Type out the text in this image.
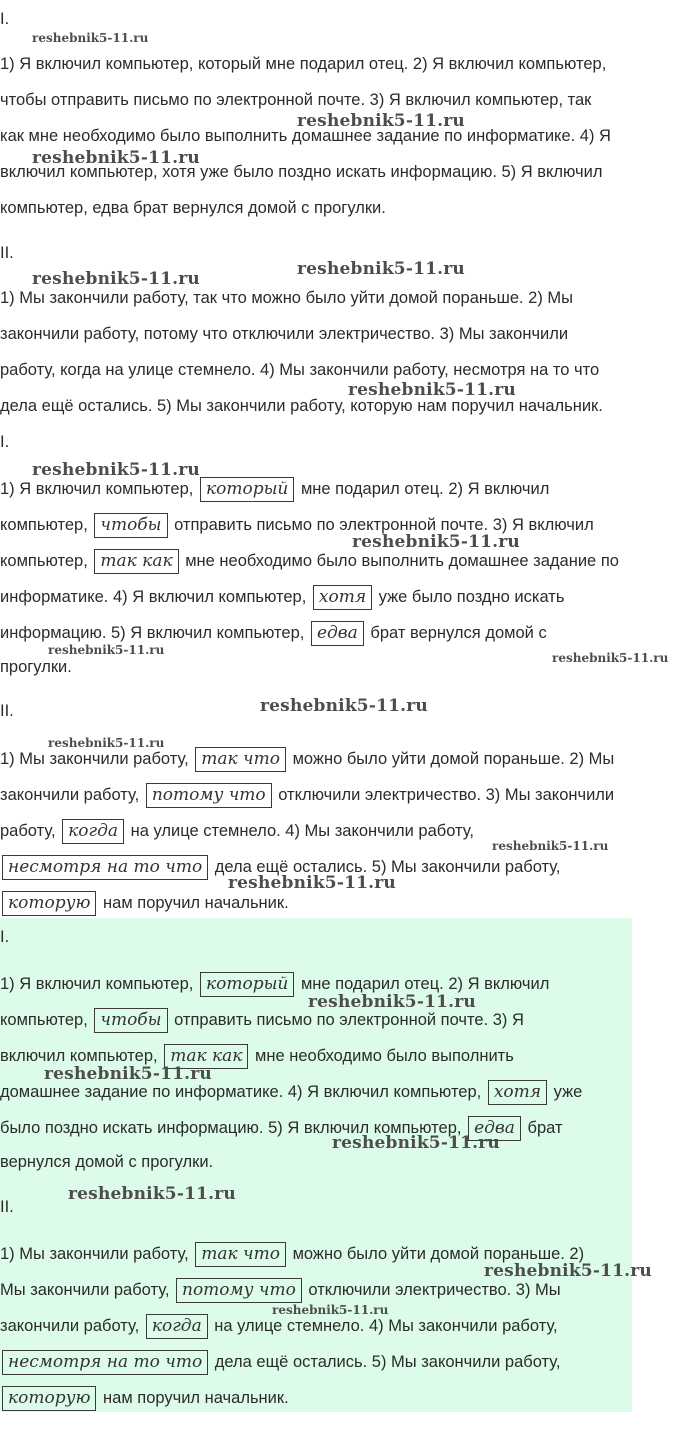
I.
1) Я включил компьютер, который мне подарил отец. 2) Я включил компьютер,
чтобы отправить письмо по электронной почте. 3) Я включил компьютер, так
как мне необходимо было выполнить домашнее задание по информатике. 4) Я
включил компьютер, хотя уже было поздно искать информацию. 5) Я включил
компьютер, едва брат вернулся домой с прогулки.
II.
1) Мы закончили работу, так что можно было уйти домой пораньше. 2) Мы
закончили работу, потому что отключили электричество. 3) Мы закончили
работу, когда на улице стемнело. 4) Мы закончили работу, несмотря на то что
дела ещё остались. 5) Мы закончили работу, которую нам поручил начальник.
I.
1) Я включил компьютер, который мне подарил отец. 2) Я включил
компьютер, чтобы отправить письмо по электронной почте. 3) Я включил
компьютер, так как мне необходимо было выполнить домашнее задание по
информатике. 4) Я включил компьютер, хотя уже было поздно искать
информацию. 5) Я включил компьютер, едва брат вернулся домой с
прогулки.
II.
1) Мы закончили работу, так что можно было уйти домой пораньше. 2) Мы
закончили работу, потому что отключили электричество. 3) Мы закончили
работу, когда на улице стемнело. 4) Мы закончили работу,
несмотря на то что дела ещё остались. 5) Мы закончили работу,
которую нам поручил начальник.
I.
1) Я включил компьютер, который мне подарил отец. 2) Я включил
компьютер, чтобы отправить письмо по электронной почте. 3) Я
включил компьютер, так как мне необходимо было выполнить
домашнее задание по информатике. 4) Я включил компьютер, хотя уже
было поздно искать информацию. 5) Я включил компьютер, едва брат
вернулся домой с прогулки.
II.
1) Мы закончили работу, так что можно было уйти домой пораньше. 2)
Мы закончили работу, потому что отключили электричество. 3) Мы
закончили работу, когда на улице стемнело. 4) Мы закончили работу,
несмотря на то что дела ещё остались. 5) Мы закончили работу,
которую нам поручил начальник.
reshebnik5-11.ru
reshebnik5-11.ru
reshebnik5-11.ru
reshebnik5-11.ru	reshebnik5-11.ru
reshebnik5-11.ru
reshebnik5-11.ru
reshebnik5-11.ru
reshebnik5-11.ru
reshebnik5-11.ru
reshebnik5-11.ru
reshebnik5-11.ru
reshebnik5-11.ru
reshebnik5-11.ru
reshebnik5-11.ru
reshebnik5-11.ru
reshebnik5-11.ru
reshebnik5-11.ru
reshebnik5-11.ru
reshebnik5-11.ru
